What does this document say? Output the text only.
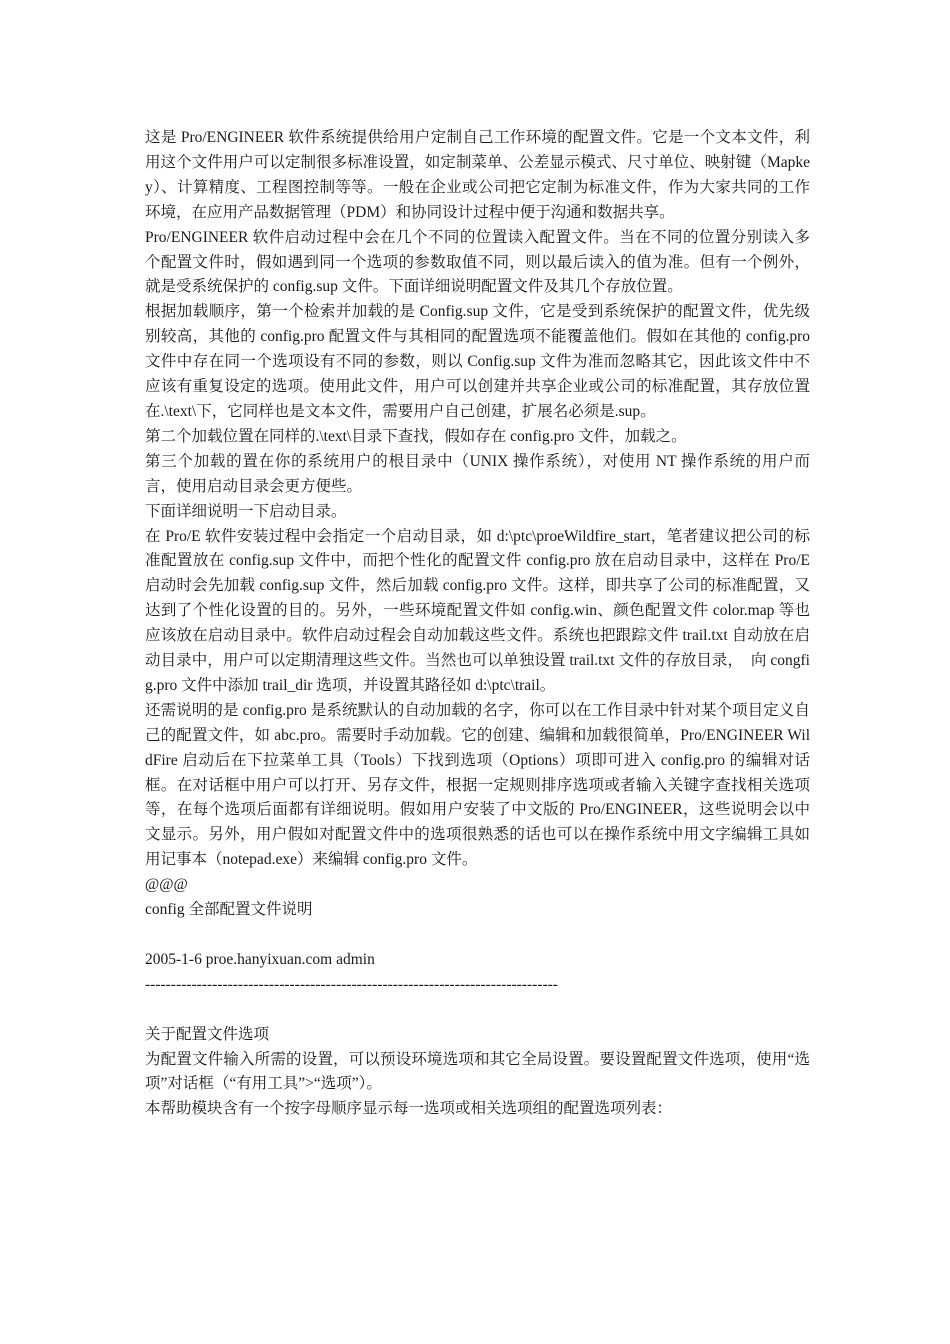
这是 Pro/ENGINEER 软件系统提供给用户定制自己工作环境的配置文件。它是一个文本文件，利用这个文件用户可以定制很多标准设置，如定制菜单、公差显示模式、尺寸单位、映射键（Mapkey）、计算精度、工程图控制等等。一般在企业或公司把它定制为标准文件，作为大家共同的工作环境，在应用产品数据管理（PDM）和协同设计过程中便于沟通和数据共享。

Pro/ENGINEER 软件启动过程中会在几个不同的位置读入配置文件。当在不同的位置分别读入多个配置文件时，假如遇到同一个选项的参数取值不同，则以最后读入的值为准。但有一个例外，就是受系统保护的 config.sup 文件。下面详细说明配置文件及其几个存放位置。

根据加载顺序，第一个检索并加载的是 Config.sup 文件，它是受到系统保护的配置文件，优先级别较高，其他的 config.pro 配置文件与其相同的配置选项不能覆盖他们。假如在其他的 config.pro 文件中存在同一个选项设有不同的参数，则以 Config.sup 文件为准而忽略其它，因此该文件中不应该有重复设定的选项。使用此文件，用户可以创建并共享企业或公司的标准配置，其存放位置在.\text\下，它同样也是文本文件，需要用户自己创建，扩展名必须是.sup。

第二个加载位置在同样的.\text\目录下查找，假如存在 config.pro 文件，加载之。

第三个加载的置在你的系统用户的根目录中（UNIX 操作系统），对使用 NT 操作系统的用户而言，使用启动目录会更方便些。

下面详细说明一下启动目录。

在 Pro/E 软件安装过程中会指定一个启动目录，如 d:\ptc\proeWildfire_start，笔者建议把公司的标准配置放在 config.sup 文件中，而把个性化的配置文件 config.pro 放在启动目录中，这样在 Pro/E 启动时会先加载 config.sup 文件，然后加载 config.pro 文件。这样，即共享了公司的标准配置，又达到了个性化设置的目的。另外，一些环境配置文件如 config.win、颜色配置文件 color.map 等也应该放在启动目录中。软件启动过程会自动加载这些文件。系统也把跟踪文件 trail.txt 自动放在启动目录中，用户可以定期清理这些文件。当然也可以单独设置 trail.txt 文件的存放目录，　向 congfig.pro 文件中添加 trail_dir 选项，并设置其路径如 d:\ptc\trail。

还需说明的是 config.pro 是系统默认的自动加载的名字，你可以在工作目录中针对某个项目定义自己的配置文件，如 abc.pro。需要时手动加载。它的创建、编辑和加载很简单，Pro/ENGINEER WildFire 启动后在下拉菜单工具（Tools）下找到选项（Options）项即可进入 config.pro 的编辑对话框。在对话框中用户可以打开、另存文件，根据一定规则排序选项或者输入关键字查找相关选项等，在每个选项后面都有详细说明。假如用户安装了中文版的 Pro/ENGINEER，这些说明会以中文显示。另外，用户假如对配置文件中的选项很熟悉的话也可以在操作系统中用文字编辑工具如用记事本（notepad.exe）来编辑 config.pro 文件。

@@@

config 全部配置文件说明

2005-1-6 proe.hanyixuan.com admin

--------------------------------------------------------------------------------

关于配置文件选项

为配置文件输入所需的设置，可以预设环境选项和其它全局设置。要设置配置文件选项，使用“选项”对话框（“有用工具”>“选项”）。

本帮助模块含有一个按字母顺序显示每一选项或相关选项组的配置选项列表：
